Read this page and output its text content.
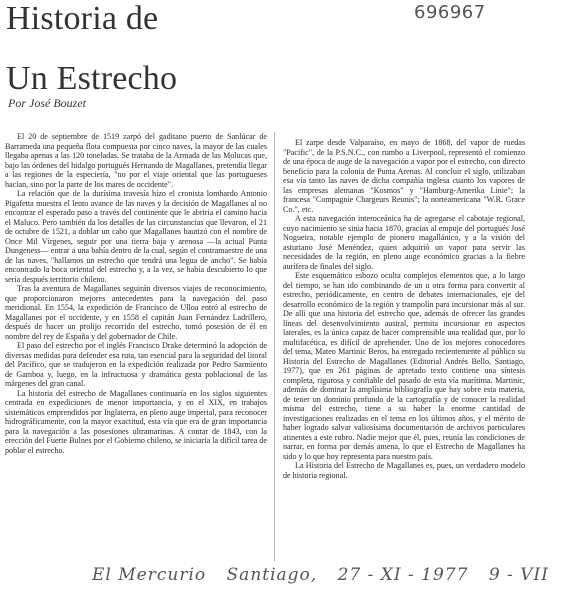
696967
Historia de
Un Estrecho
Por José Bouzet

El 20 de septiembre de 1519 zarpó del gaditano puerto de Sanlúcar de Barrameda una pequeña flota compuesta por cinco naves, la mayor de las cuales llegaba apenas a las 120 toneladas. Se trataba de la Armada de las Molucas que, bajo las órdenes del hidalgo portugués Hernando de Magallanes, pretendía llegar a las regiones de la especiería, "no por el viaje oriental que las portugueses hacían, sino por la parte de los mares de occidente".

La relación que de la durísima travesía hizo el cronista lombardo Antonio Pigafetta muestra el lento avance de las naves y la decisión de Magallanes al no encontrar el esperado paso a través del continente que le abriría el camino hacia el Maluco. Pero también da los detalles de las circunstancias que llevaron, el 21 de octubre de 1521, a doblar un cabo que Magallanes bautizó con el nombre de Once Mil Vírgenes, seguir por una tierra baja y arenosa —la actual Punta Dungeness— entrar a una bahía dentro de la cual, según el contramaestre de una de las naves, "hallamos un estrecho que tendrá una legua de ancho". Se había encontrado la boca oriental del estrecho y, a la vez, se había descubierto lo que sería después territorio chileno.

Tras la aventura de Magallanes seguirán diversos viajes de reconocimiento, que proporcionaron mejores antecedentes para la navegación del paso meridional. En 1554, la expedición de Francisco de Ulloa entró al estrecho de Magallanes por el occidente, y en 1558 el capitán Juan Fernández Ladrillero, después de hacer un prolijo recorrido del estrecho, tomó posesión de él en nombre del rey de España y del gobernador de Chile.

El paso del estrecho por el inglés Francisco Drake determinó la adopción de diversas medidas para defender esa ruta, tan esencial para la seguridad del litoral del Pacífico, que se tradujeron en la expedición realizada por Pedro Sarmiento de Gamboa y, luego, en la infructuosa y dramática gesta poblacional de las márgenes del gran canal.

La historia del estrecho de Magallanes continuaría en los siglos siguientes centrada en expediciones de menor importancia, y en el XIX, en trabajos sistemáticos emprendidos por Inglaterra, en pleno auge imperial, para reconocer hidrográficamente, con la mayor exactitud, esta vía que era de gran importancia para la navegación a las posesiones ultramarinas. A contar de 1843, con la erección del Fuerte Bulnes por el Gobierno chileno, se iniciaría la difícil tarea de poblar el estrecho.

El zarpe desde Valparaíso, en mayo de 1868, del vapor de ruedas "Pacific", de la P.S.N.C., con rumbo a Liverpool, representó el comienzo de una época de auge de la navegación a vapor por el estrecho, con directo beneficio para la colonia de Punta Arenas. Al concluir el siglo, utilizaban esa vía tanto las naves de dicha compañía inglesa cuanto los vapores de las empresas alemanas "Kosmos" y "Hamburg-Amerika Linie"; la francesa "Compagnie Chargeurs Reunis"; la norteamericana "W.R. Grace Co.", etc.

A esta navegación interoceánica ha de agregarse el cabotaje regional, cuyo nacimiento se sitúa hacia 1870, gracias al empuje del portugués José Nogueira, notable ejemplo de pionero magallánico, y a la visión del asturiano José Menéndez, quien adquirió un vapor para servir las necesidades de la región, en pleno auge económico gracias a la fiebre aurífera de finales del siglo.

Este esquemático esbozo oculta complejos elementos que, a lo largo del tiempo, se han ido combinando de un u otra forma para convertir al estrecho, periódicamente, en centro de debates internacionales, eje del desarrollo económico de la región y trampolín para incursionar más al sur. De allí que una historia del estrecho que, además de ofrecer las grandes líneas del desenvolvimiento austral, permita incursionar en aspectos laterales, es la única capaz de hacer comprensible una realidad que, por lo multifacética, es difícil de aprehender. Uno de los mejores conocedores del tema, Mateo Martinic Beros, ha entregado recientemente al público su Historia del Estrecho de Magallanes (Editorial Andrés Bello, Santiago, 1977), que en 261 páginas de apretado texto contiene una síntesis completa, rigurosa y confiable del pasado de esta vía marítima. Martinic, además de dominar la amplísima bibliografía que hay sobre esta materia, de tener un dominio profundo de la cartografía y de conocer la realidad misma del estrecho, tiene a su haber la enorme cantidad de investigaciones realizadas en el tema en los últimos años, y el mérito de haber logrado salvar valiosísima documentación de archivos particulares atinentes a este rubro. Nadie mejor que él, pues, reunía las condiciones de narrar, en forma por demás amena, lo que el Estrecho de Magallanes ha sido y lo que hoy representa para nuestro país.

La Historia del Estrecho de Magallanes es, pues, un verdadero modelo de historia regional.

El Mercurio Santiago, 27 - XI - 1977 9 - VII
